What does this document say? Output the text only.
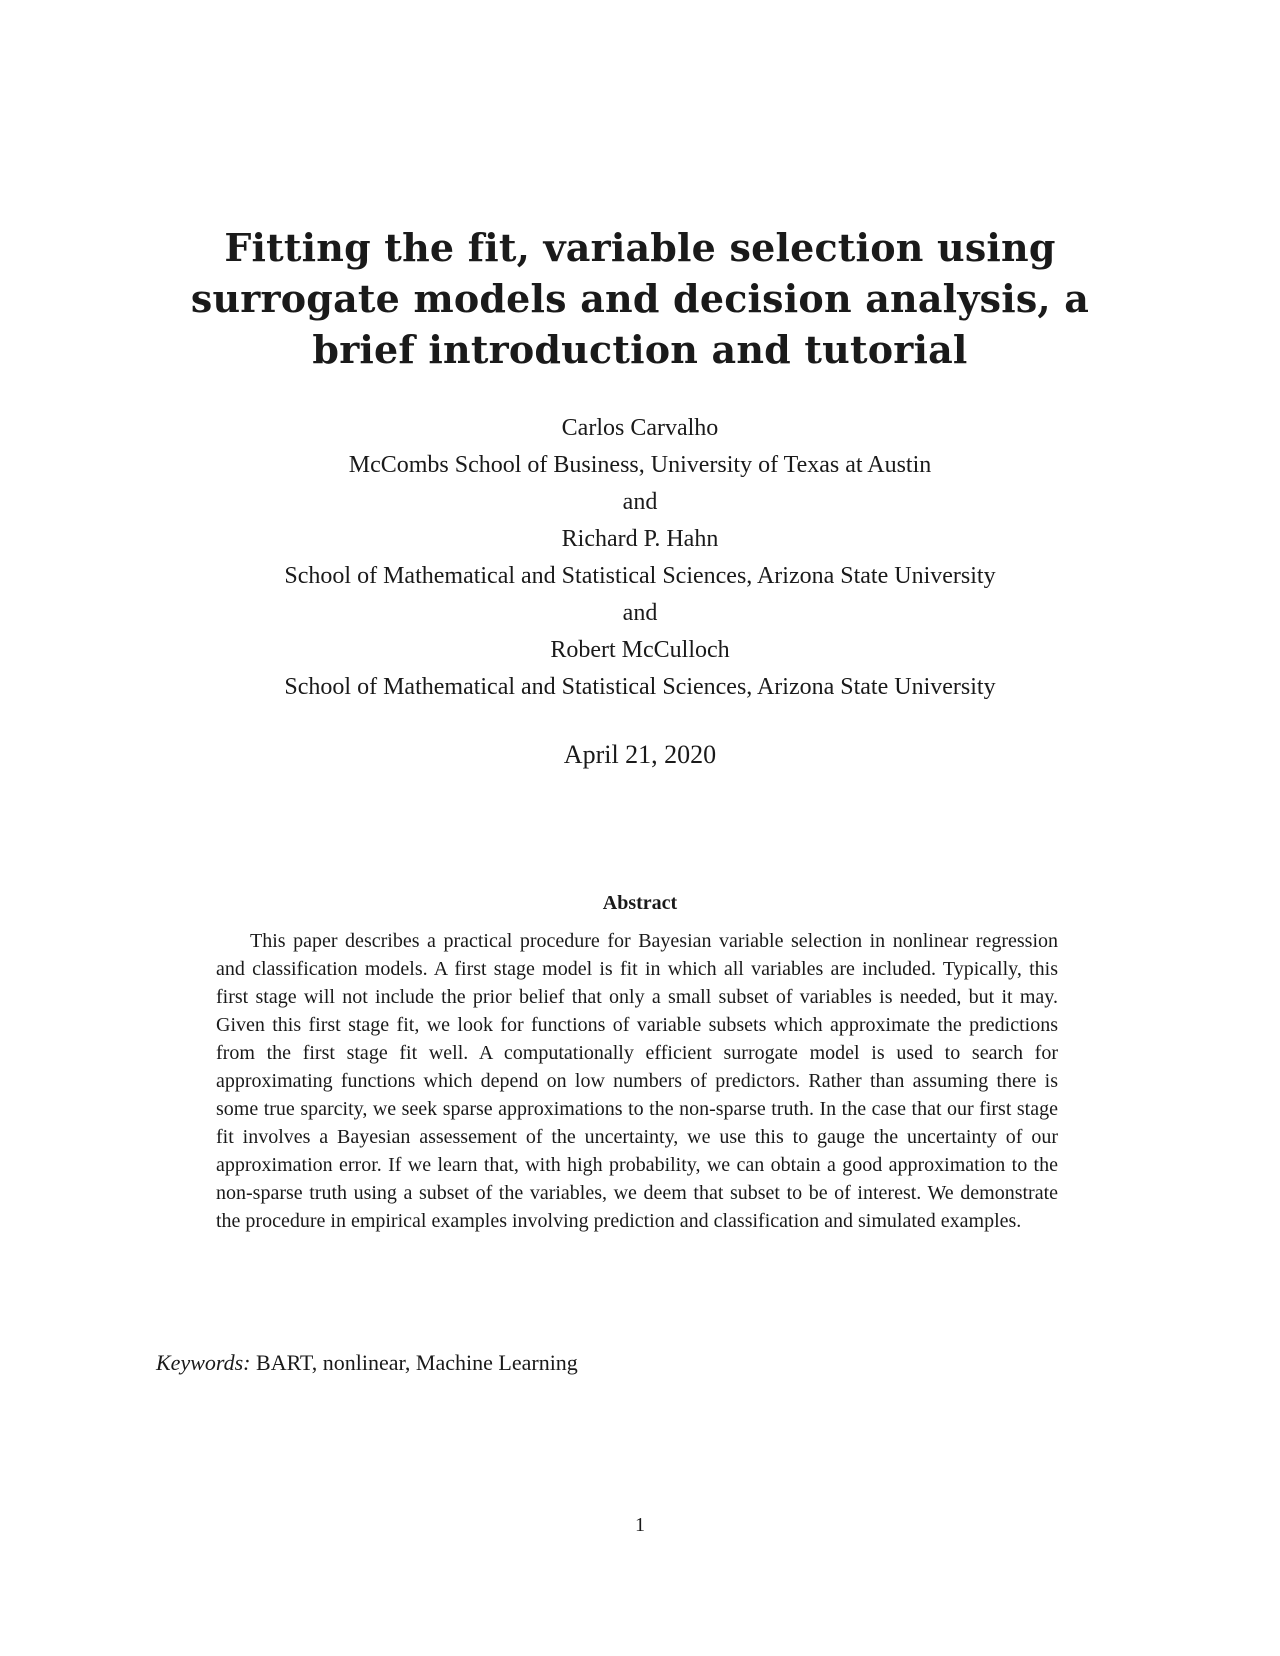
Fitting the fit, variable selection using
surrogate models and decision analysis, a
brief introduction and tutorial
Carlos Carvalho
McCombs School of Business, University of Texas at Austin
and
Richard P. Hahn
School of Mathematical and Statistical Sciences, Arizona State University
and
Robert McCulloch
School of Mathematical and Statistical Sciences, Arizona State University
April 21, 2020
Abstract

This paper describes a practical procedure for Bayesian variable selection in nonlinear regression and classification models. A first stage model is fit in which all variables are included. Typically, this first stage will not include the prior belief that only a small subset of variables is needed, but it may. Given this first stage fit, we look for functions of variable subsets which approximate the predictions from the first stage fit well. A computationally efficient surrogate model is used to search for approximating functions which depend on low numbers of predictors. Rather than assuming there is some true sparcity, we seek sparse approximations to the non-sparse truth. In the case that our first stage fit involves a Bayesian assessement of the uncertainty, we use this to gauge the uncertainty of our approximation error. If we learn that, with high probability, we can obtain a good approximation to the non-sparse truth using a subset of the variables, we deem that subset to be of interest. We demonstrate the procedure in empirical examples involving prediction and classification and simulated examples.

Keywords: BART, nonlinear, Machine Learning
1
